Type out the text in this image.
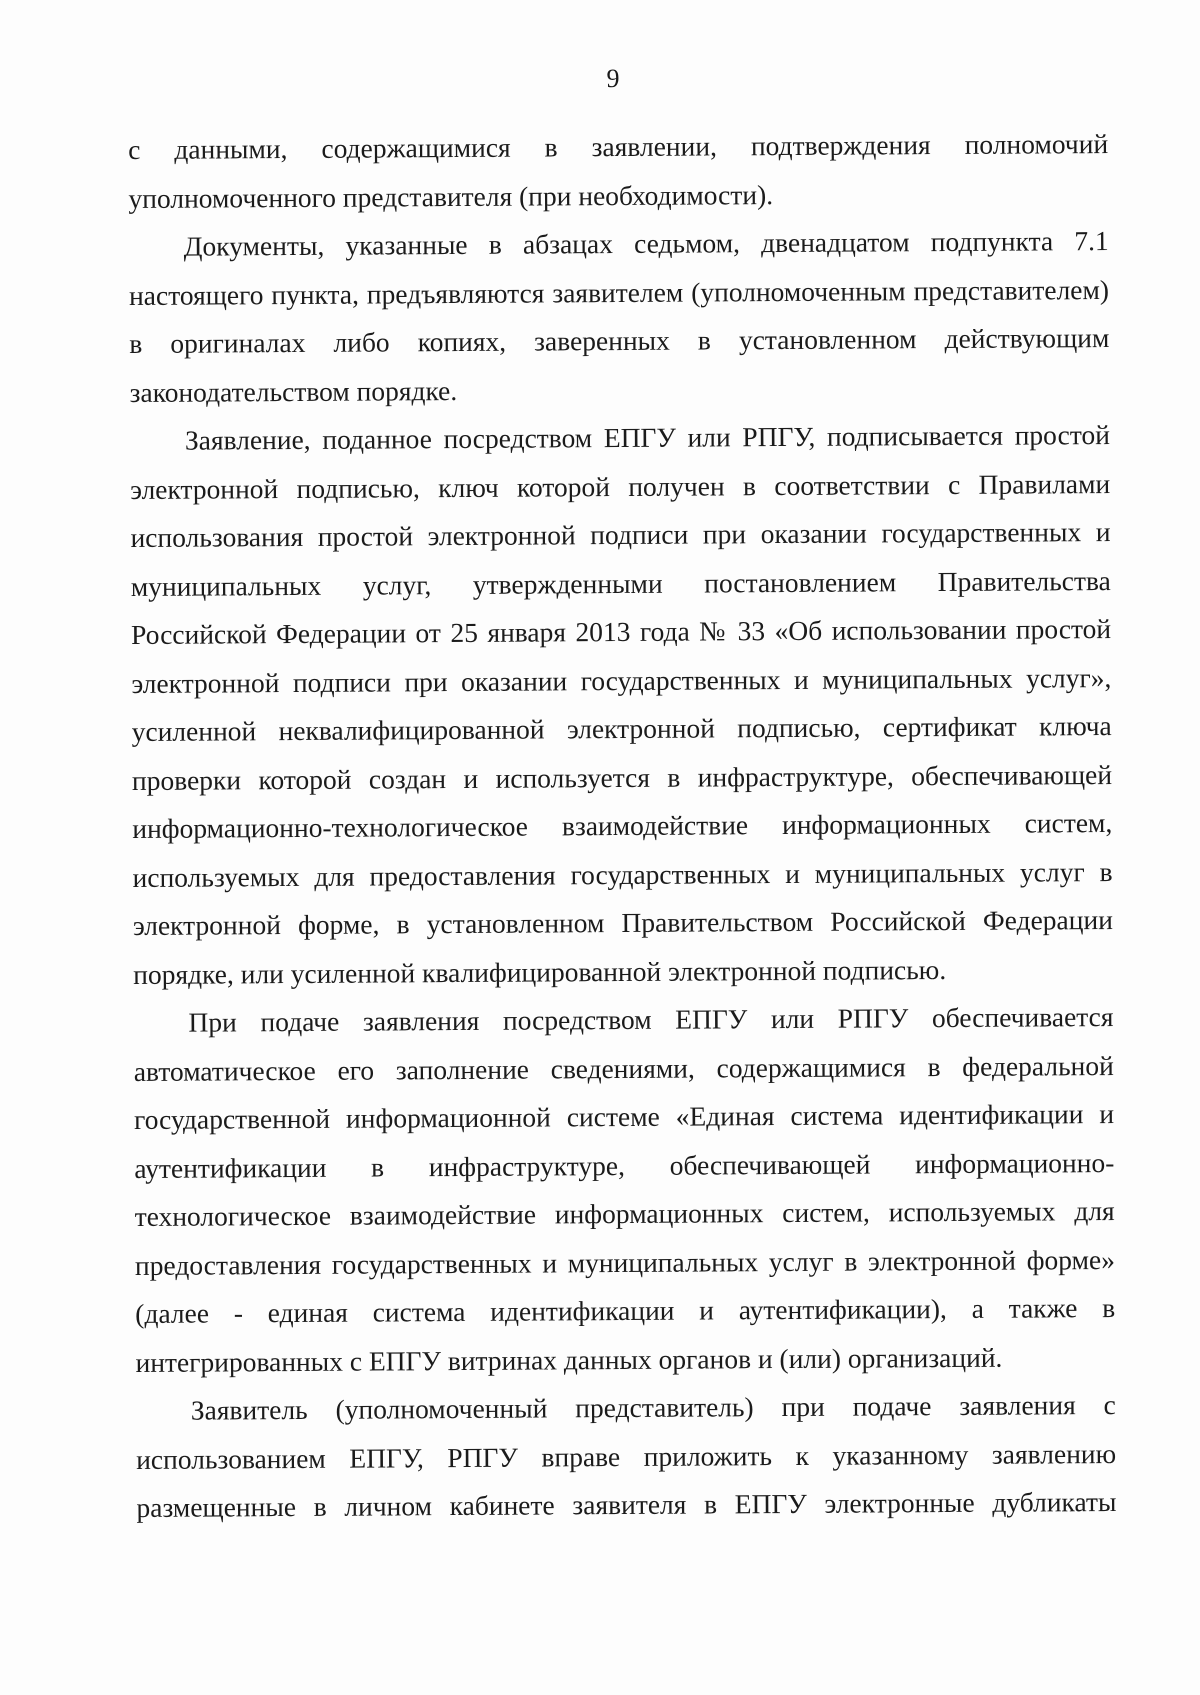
9

с данными, содержащимися в заявлении, подтверждения полномочий уполномоченного представителя (при необходимости).

Документы, указанные в абзацах седьмом, двенадцатом подпункта 7.1 настоящего пункта, предъявляются заявителем (уполномоченным представителем) в оригиналах либо копиях, заверенных в установленном действующим законодательством порядке.

Заявление, поданное посредством ЕПГУ или РПГУ, подписывается простой электронной подписью, ключ которой получен в соответствии с Правилами использования простой электронной подписи при оказании государственных и муниципальных услуг, утвержденными постановлением Правительства Российской Федерации от 25 января 2013 года № 33 «Об использовании простой электронной подписи при оказании государственных и муниципальных услуг», усиленной неквалифицированной электронной подписью, сертификат ключа проверки которой создан и используется в инфраструктуре, обеспечивающей информационно-технологическое взаимодействие информационных систем, используемых для предоставления государственных и муниципальных услуг в электронной форме, в установленном Правительством Российской Федерации порядке, или усиленной квалифицированной электронной подписью.

При подаче заявления посредством ЕПГУ или РПГУ обеспечивается автоматическое его заполнение сведениями, содержащимися в федеральной государственной информационной системе «Единая система идентификации и аутентификации в инфраструктуре, обеспечивающей информационно-технологическое взаимодействие информационных систем, используемых для предоставления государственных и муниципальных услуг в электронной форме» (далее - единая система идентификации и аутентификации), а также в интегрированных с ЕПГУ витринах данных органов и (или) организаций.

Заявитель (уполномоченный представитель) при подаче заявления с использованием ЕПГУ, РПГУ вправе приложить к указанному заявлению размещенные в личном кабинете заявителя в ЕПГУ электронные дубликаты
